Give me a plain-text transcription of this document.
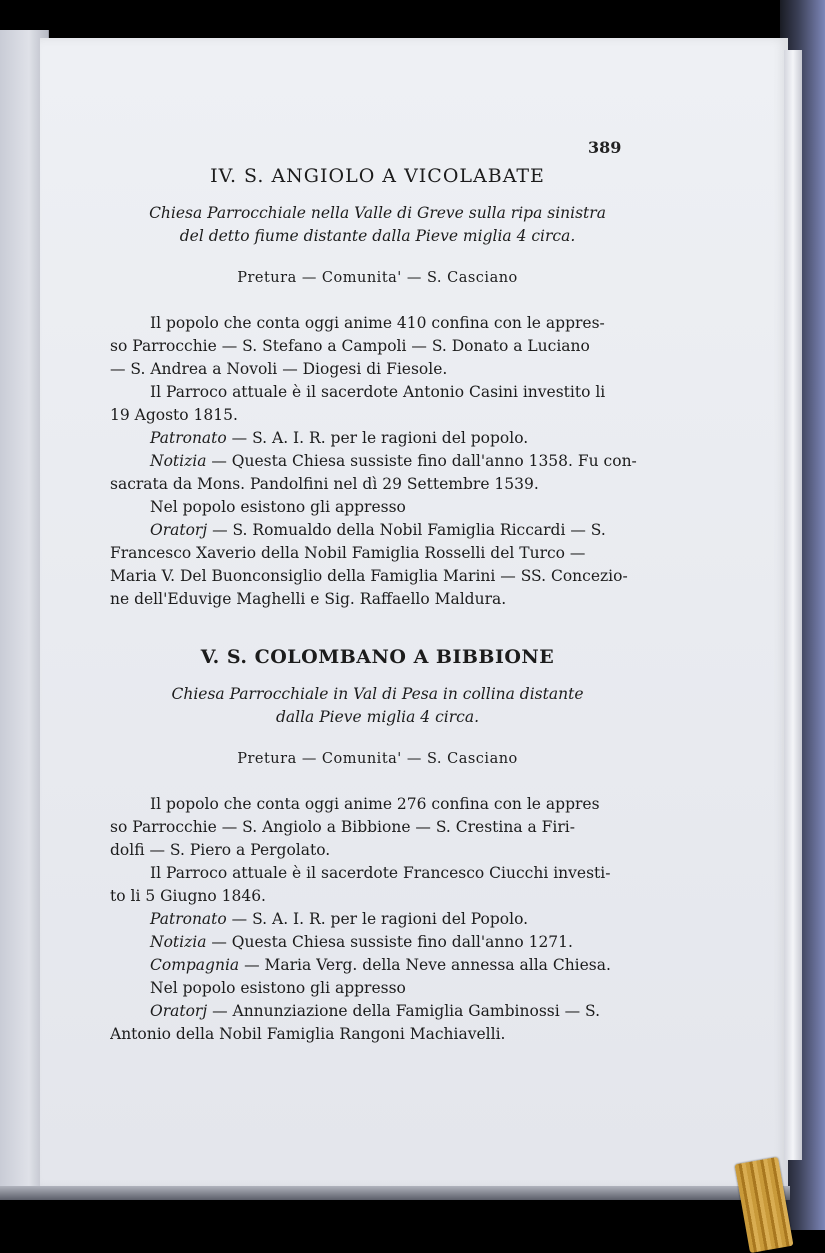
389
IV. S. ANGIOLO A VICOLABATE
Chiesa Parrocchiale nella Valle di Greve sulla ripa sinistra
del detto fiume distante dalla Pieve miglia 4 circa.
Pretura — Comunita' — S. Casciano
Il popolo che conta oggi anime 410 confina con le appres-
so Parrocchie — S. Stefano a Campoli — S. Donato a Luciano
— S. Andrea a Novoli — Diogesi di Fiesole.
Il Parroco attuale è il sacerdote Antonio Casini investito li
19 Agosto 1815.
Patronato — S. A. I. R. per le ragioni del popolo.
Notizia — Questa Chiesa sussiste fino dall'anno 1358. Fu con-
sacrata da Mons. Pandolfini nel dì 29 Settembre 1539.
Nel popolo esistono gli appresso
Oratorj — S. Romualdo della Nobil Famiglia Riccardi — S.
Francesco Xaverio della Nobil Famiglia Rosselli del Turco —
Maria V. Del Buonconsiglio della Famiglia Marini — SS. Concezio-
ne dell'Eduvige Maghelli e Sig. Raffaello Maldura.
V. S. COLOMBANO A BIBBIONE
Chiesa Parrocchiale in Val di Pesa in collina distante
dalla Pieve miglia 4 circa.
Pretura — Comunita' — S. Casciano
Il popolo che conta oggi anime 276 confina con le appres
so Parrocchie — S. Angiolo a Bibbione — S. Crestina a Firi-
dolfi — S. Piero a Pergolato.
Il Parroco attuale è il sacerdote Francesco Ciucchi investi-
to li 5 Giugno 1846.
Patronato — S. A. I. R. per le ragioni del Popolo.
Notizia — Questa Chiesa sussiste fino dall'anno 1271.
Compagnia — Maria Verg. della Neve annessa alla Chiesa.
Nel popolo esistono gli appresso
Oratorj — Annunziazione della Famiglia Gambinossi — S.
Antonio della Nobil Famiglia Rangoni Machiavelli.
